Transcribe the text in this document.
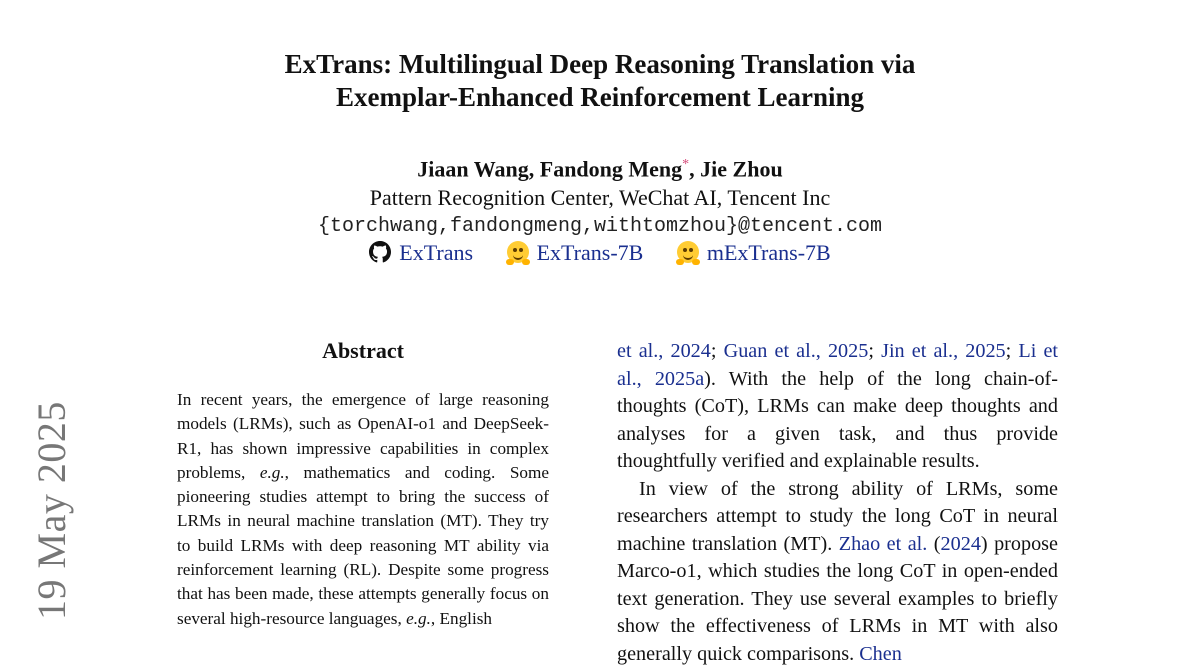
19 May 2025
ExTrans: Multilingual Deep Reasoning Translation via
Exemplar-Enhanced Reinforcement Learning
Jiaan Wang, Fandong Meng*, Jie Zhou
Pattern Recognition Center, WeChat AI, Tencent Inc
{torchwang,fandongmeng,withtomzhou}@tencent.com
ExTrans	ExTrans-7B	mExTrans-7B
Abstract
In recent years, the emergence of large reasoning models (LRMs), such as OpenAI-o1 and DeepSeek-R1, has shown impressive capabilities in complex problems, e.g., mathematics and coding. Some pioneering studies attempt to bring the success of LRMs in neural machine translation (MT). They try to build LRMs with deep reasoning MT ability via reinforcement learning (RL). Despite some progress that has been made, these attempts generally focus on several high-resource languages, e.g., English

et al., 2024; Guan et al., 2025; Jin et al., 2025; Li et al., 2025a). With the help of the long chain-of-thoughts (CoT), LRMs can make deep thoughts and analyses for a given task, and thus provide thoughtfully verified and explainable results.

In view of the strong ability of LRMs, some researchers attempt to study the long CoT in neural machine translation (MT). Zhao et al. (2024) propose Marco-o1, which studies the long CoT in open-ended text generation. They use several examples to briefly show the effectiveness of LRMs in MT with also generally quick comparisons. Chen
